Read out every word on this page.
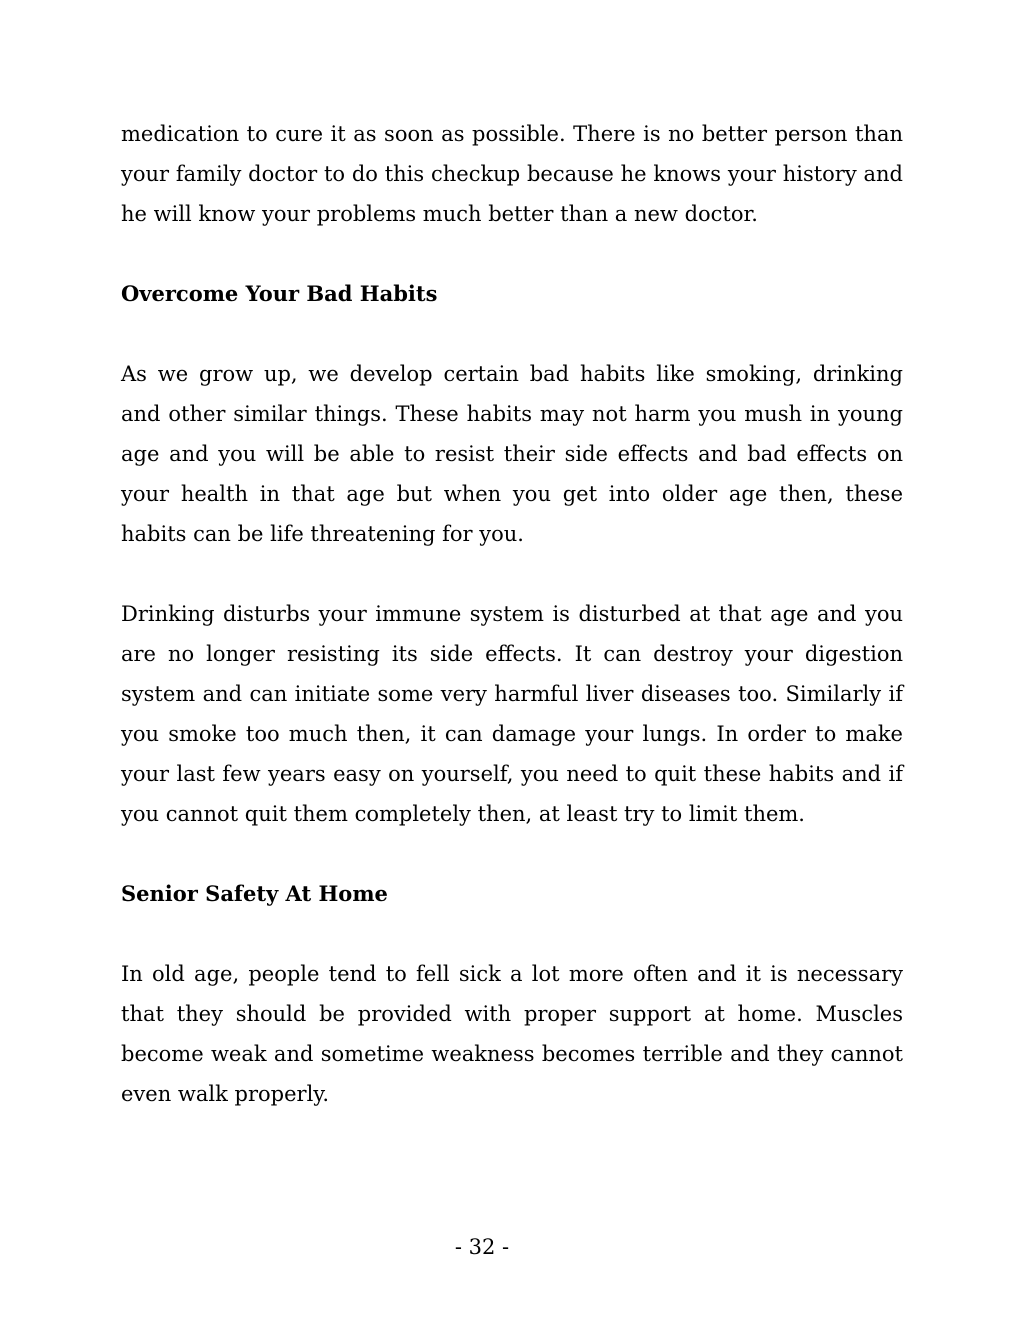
medication to cure it as soon as possible. There is no better person than your family doctor to do this checkup because he knows your history and he will know your problems much better than a new doctor.

Overcome Your Bad Habits

As we grow up, we develop certain bad habits like smoking, drinking and other similar things. These habits may not harm you mush in young age and you will be able to resist their side effects and bad effects on your health in that age but when you get into older age then, these habits can be life threatening for you.

Drinking disturbs your immune system is disturbed at that age and you are no longer resisting its side effects. It can destroy your digestion system and can initiate some very harmful liver diseases too. Similarly if you smoke too much then, it can damage your lungs. In order to make your last few years easy on yourself, you need to quit these habits and if you cannot quit them completely then, at least try to limit them.

Senior Safety At Home

In old age, people tend to fell sick a lot more often and it is necessary that they should be provided with proper support at home. Muscles become weak and sometime weakness becomes terrible and they cannot even walk properly.

- 32 -
